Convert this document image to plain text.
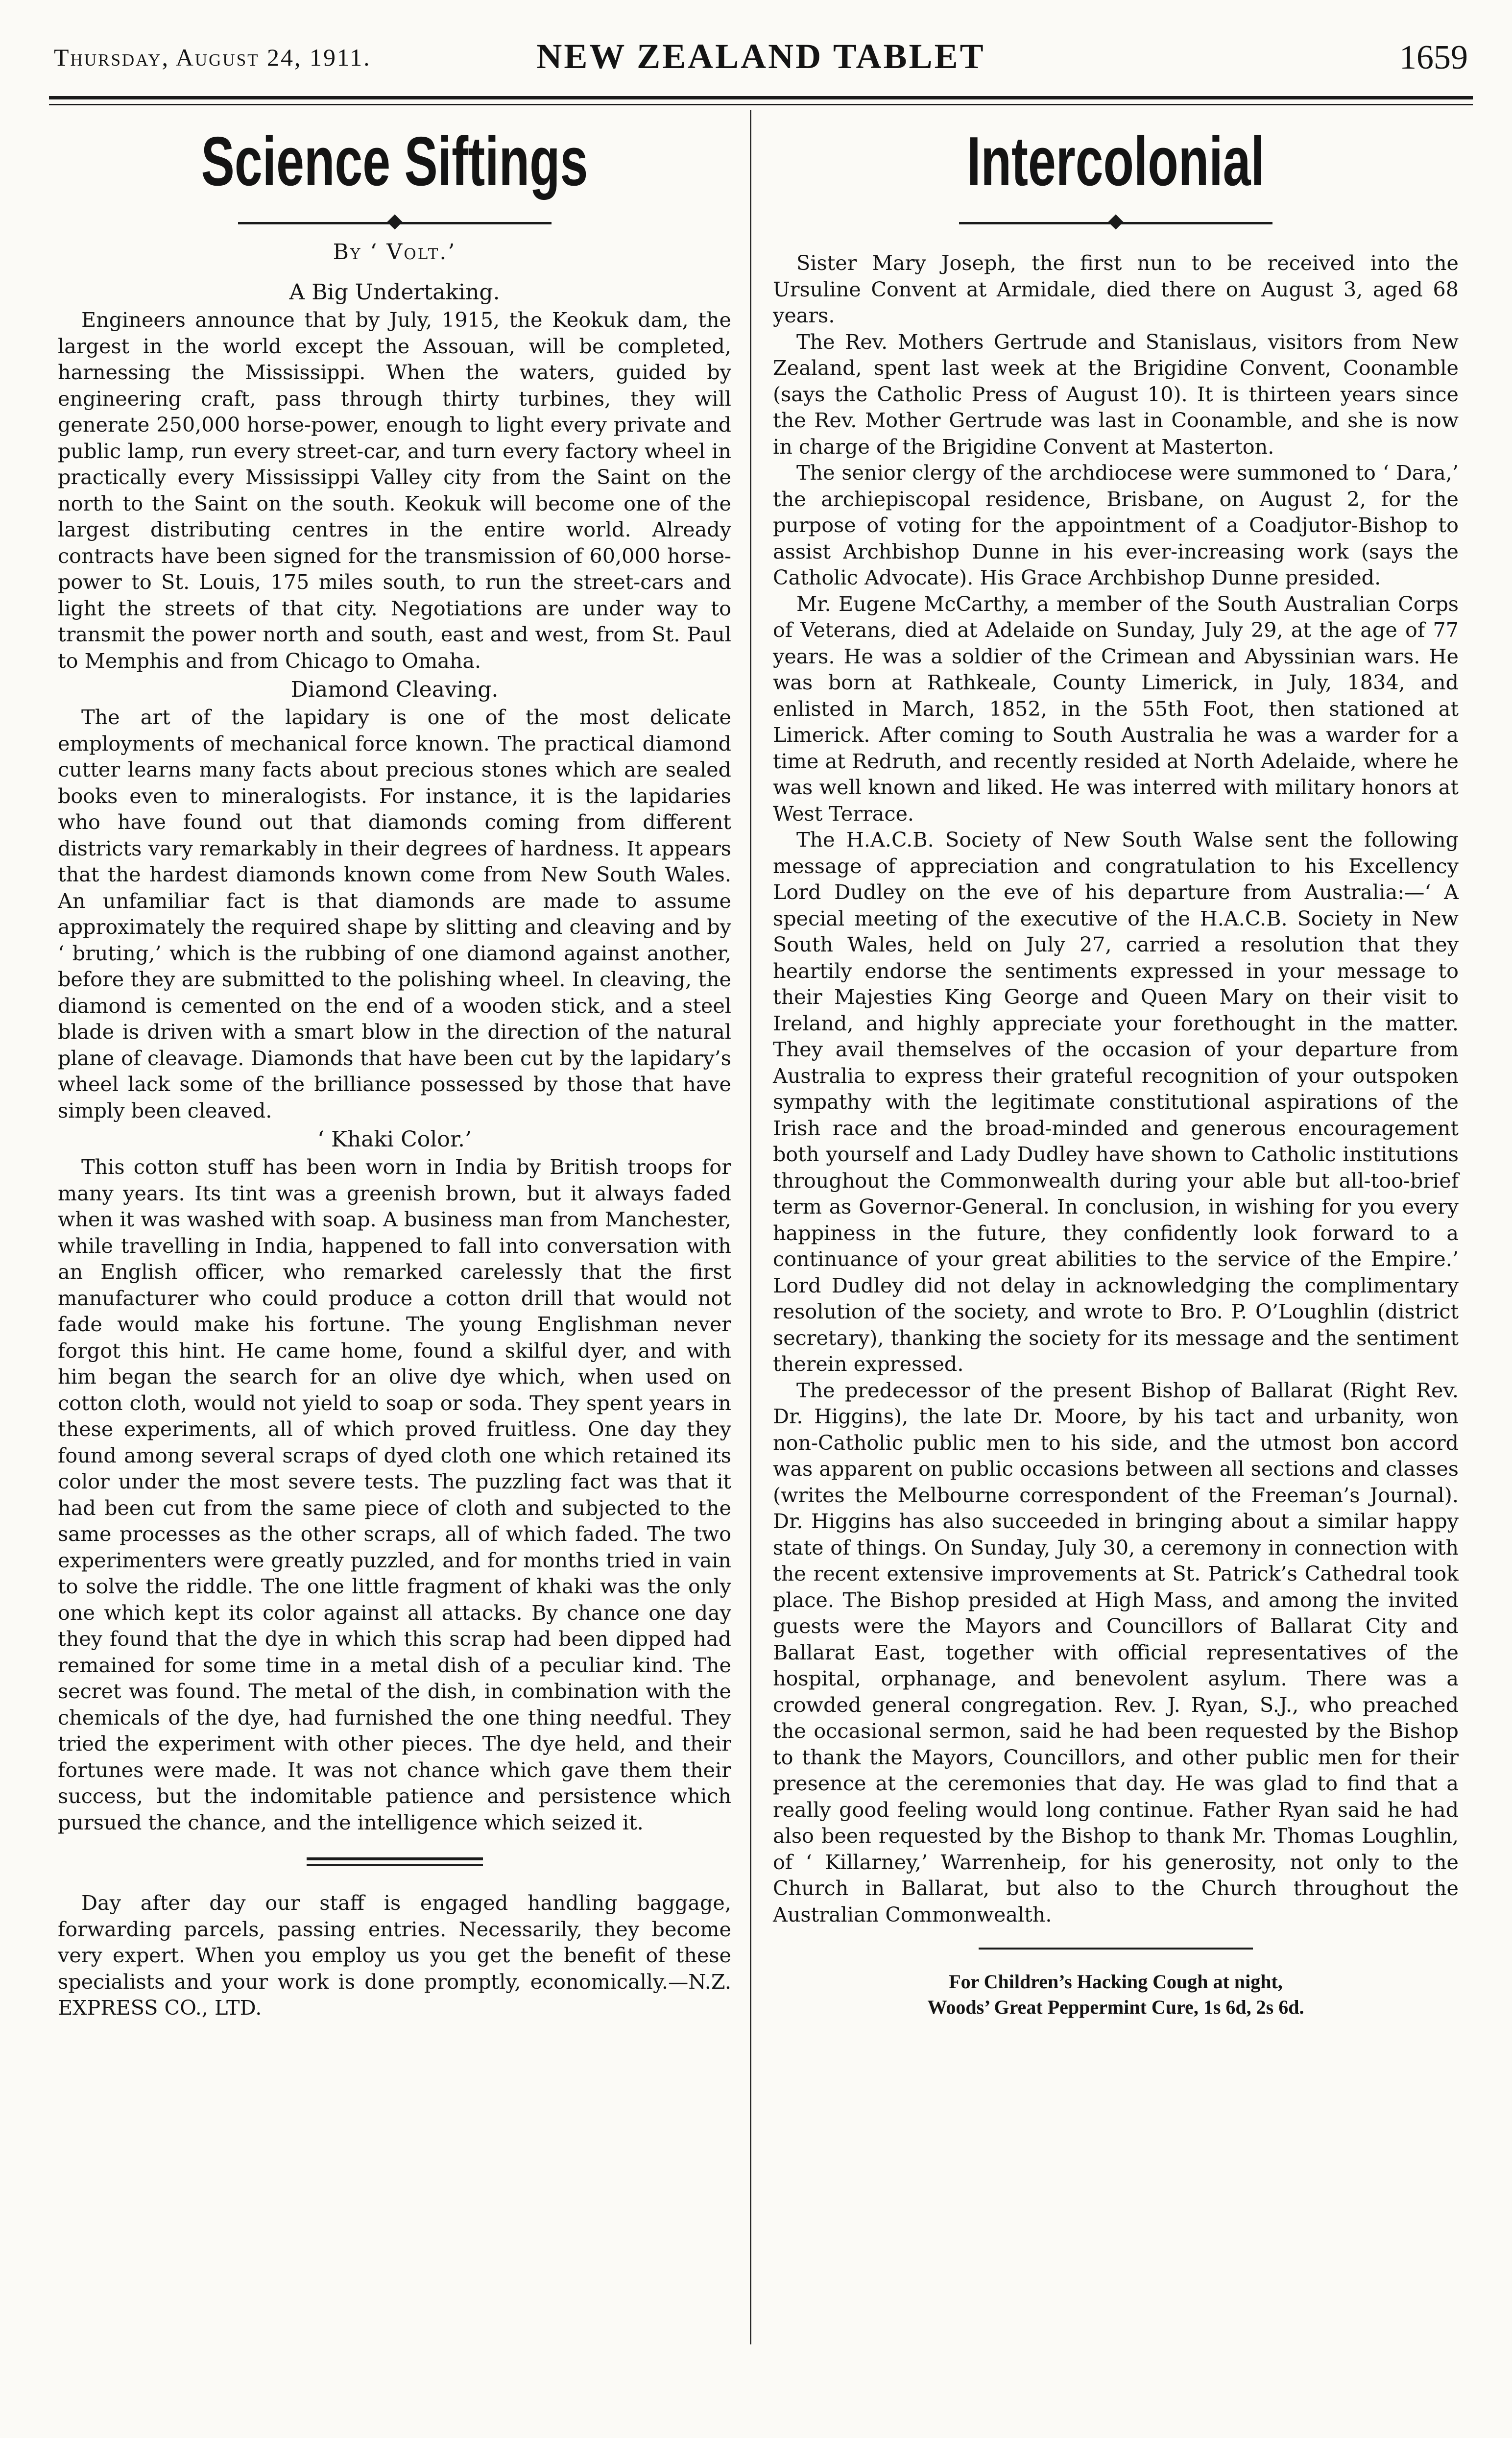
Thursday, August 24, 1911.	NEW ZEALAND TABLET	1659
Science Siftings
By ‘ Volt.’
A Big Undertaking.

Engineers announce that by July, 1915, the Keokuk dam, the largest in the world except the Assouan, will be completed, harnessing the Mississippi. When the waters, guided by engineering craft, pass through thirty turbines, they will generate 250,000 horse-power, enough to light every private and public lamp, run every street-car, and turn every factory wheel in practically every Mississippi Valley city from the Saint on the north to the Saint on the south. Keokuk will become one of the largest distributing centres in the entire world. Already contracts have been signed for the transmission of 60,000 horse-power to St. Louis, 175 miles south, to run the street-cars and light the streets of that city. Negotiations are under way to transmit the power north and south, east and west, from St. Paul to Memphis and from Chicago to Omaha.

Diamond Cleaving.

The art of the lapidary is one of the most delicate employments of mechanical force known. The practical diamond cutter learns many facts about precious stones which are sealed books even to mineralogists. For instance, it is the lapidaries who have found out that diamonds coming from different districts vary remarkably in their degrees of hardness. It appears that the hardest diamonds known come from New South Wales. An unfamiliar fact is that diamonds are made to assume approximately the required shape by slitting and cleaving and by ‘ bruting,’ which is the rubbing of one diamond against another, before they are submitted to the polishing wheel. In cleaving, the diamond is cemented on the end of a wooden stick, and a steel blade is driven with a smart blow in the direction of the natural plane of cleavage. Diamonds that have been cut by the lapidary’s wheel lack some of the brilliance possessed by those that have simply been cleaved.

‘ Khaki Color.’

This cotton stuff has been worn in India by British troops for many years. Its tint was a greenish brown, but it always faded when it was washed with soap. A business man from Manchester, while travelling in India, happened to fall into conversation with an English officer, who remarked carelessly that the first manufacturer who could produce a cotton drill that would not fade would make his fortune. The young Englishman never forgot this hint. He came home, found a skilful dyer, and with him began the search for an olive dye which, when used on cotton cloth, would not yield to soap or soda. They spent years in these experiments, all of which proved fruitless. One day they found among several scraps of dyed cloth one which retained its color under the most severe tests. The puzzling fact was that it had been cut from the same piece of cloth and subjected to the same processes as the other scraps, all of which faded. The two experimenters were greatly puzzled, and for months tried in vain to solve the riddle. The one little fragment of khaki was the only one which kept its color against all attacks. By chance one day they found that the dye in which this scrap had been dipped had remained for some time in a metal dish of a peculiar kind. The secret was found. The metal of the dish, in combination with the chemicals of the dye, had furnished the one thing needful. They tried the experiment with other pieces. The dye held, and their fortunes were made. It was not chance which gave them their success, but the indomitable patience and persistence which pursued the chance, and the intelligence which seized it.

Day after day our staff is engaged handling baggage, forwarding parcels, passing entries. Necessarily, they become very expert. When you employ us you get the benefit of these specialists and your work is done promptly, economically.—N.Z. EXPRESS CO., LTD.

Intercolonial

Sister Mary Joseph, the first nun to be received into the Ursuline Convent at Armidale, died there on August 3, aged 68 years.

The Rev. Mothers Gertrude and Stanislaus, visitors from New Zealand, spent last week at the Brigidine Convent, Coonamble (says the Catholic Press of August 10). It is thirteen years since the Rev. Mother Gertrude was last in Coonamble, and she is now in charge of the Brigidine Convent at Masterton.

The senior clergy of the archdiocese were summoned to ‘ Dara,’ the archiepiscopal residence, Brisbane, on August 2, for the purpose of voting for the appointment of a Coadjutor-Bishop to assist Archbishop Dunne in his ever-increasing work (says the Catholic Advocate). His Grace Archbishop Dunne presided.

Mr. Eugene McCarthy, a member of the South Australian Corps of Veterans, died at Adelaide on Sunday, July 29, at the age of 77 years. He was a soldier of the Crimean and Abyssinian wars. He was born at Rathkeale, County Limerick, in July, 1834, and enlisted in March, 1852, in the 55th Foot, then stationed at Limerick. After coming to South Australia he was a warder for a time at Redruth, and recently resided at North Adelaide, where he was well known and liked. He was interred with military honors at West Terrace.

The H.A.C.B. Society of New South Walse sent the following message of appreciation and congratulation to his Excellency Lord Dudley on the eve of his departure from Australia:—‘ A special meeting of the executive of the H.A.C.B. Society in New South Wales, held on July 27, carried a resolution that they heartily endorse the sentiments expressed in your message to their Majesties King George and Queen Mary on their visit to Ireland, and highly appreciate your forethought in the matter. They avail themselves of the occasion of your departure from Australia to express their grateful recognition of your outspoken sympathy with the legitimate constitutional aspirations of the Irish race and the broad-minded and generous encouragement both yourself and Lady Dudley have shown to Catholic institutions throughout the Commonwealth during your able but all-too-brief term as Governor-General. In conclusion, in wishing for you every happiness in the future, they confidently look forward to a continuance of your great abilities to the service of the Empire.’ Lord Dudley did not delay in acknowledging the complimentary resolution of the society, and wrote to Bro. P. O’Loughlin (district secretary), thanking the society for its message and the sentiment therein expressed.

The predecessor of the present Bishop of Ballarat (Right Rev. Dr. Higgins), the late Dr. Moore, by his tact and urbanity, won non-Catholic public men to his side, and the utmost bon accord was apparent on public occasions between all sections and classes (writes the Melbourne correspondent of the Freeman’s Journal). Dr. Higgins has also succeeded in bringing about a similar happy state of things. On Sunday, July 30, a ceremony in connection with the recent extensive improvements at St. Patrick’s Cathedral took place. The Bishop presided at High Mass, and among the invited guests were the Mayors and Councillors of Ballarat City and Ballarat East, together with official representatives of the hospital, orphanage, and benevolent asylum. There was a crowded general congregation. Rev. J. Ryan, S.J., who preached the occasional sermon, said he had been requested by the Bishop to thank the Mayors, Councillors, and other public men for their presence at the ceremonies that day. He was glad to find that a really good feeling would long continue. Father Ryan said he had also been requested by the Bishop to thank Mr. Thomas Loughlin, of ‘ Killarney,’ Warrenheip, for his generosity, not only to the Church in Ballarat, but also to the Church throughout the Australian Commonwealth.

For Children’s Hacking Cough at night,
Woods’ Great Peppermint Cure, 1s 6d, 2s 6d.
